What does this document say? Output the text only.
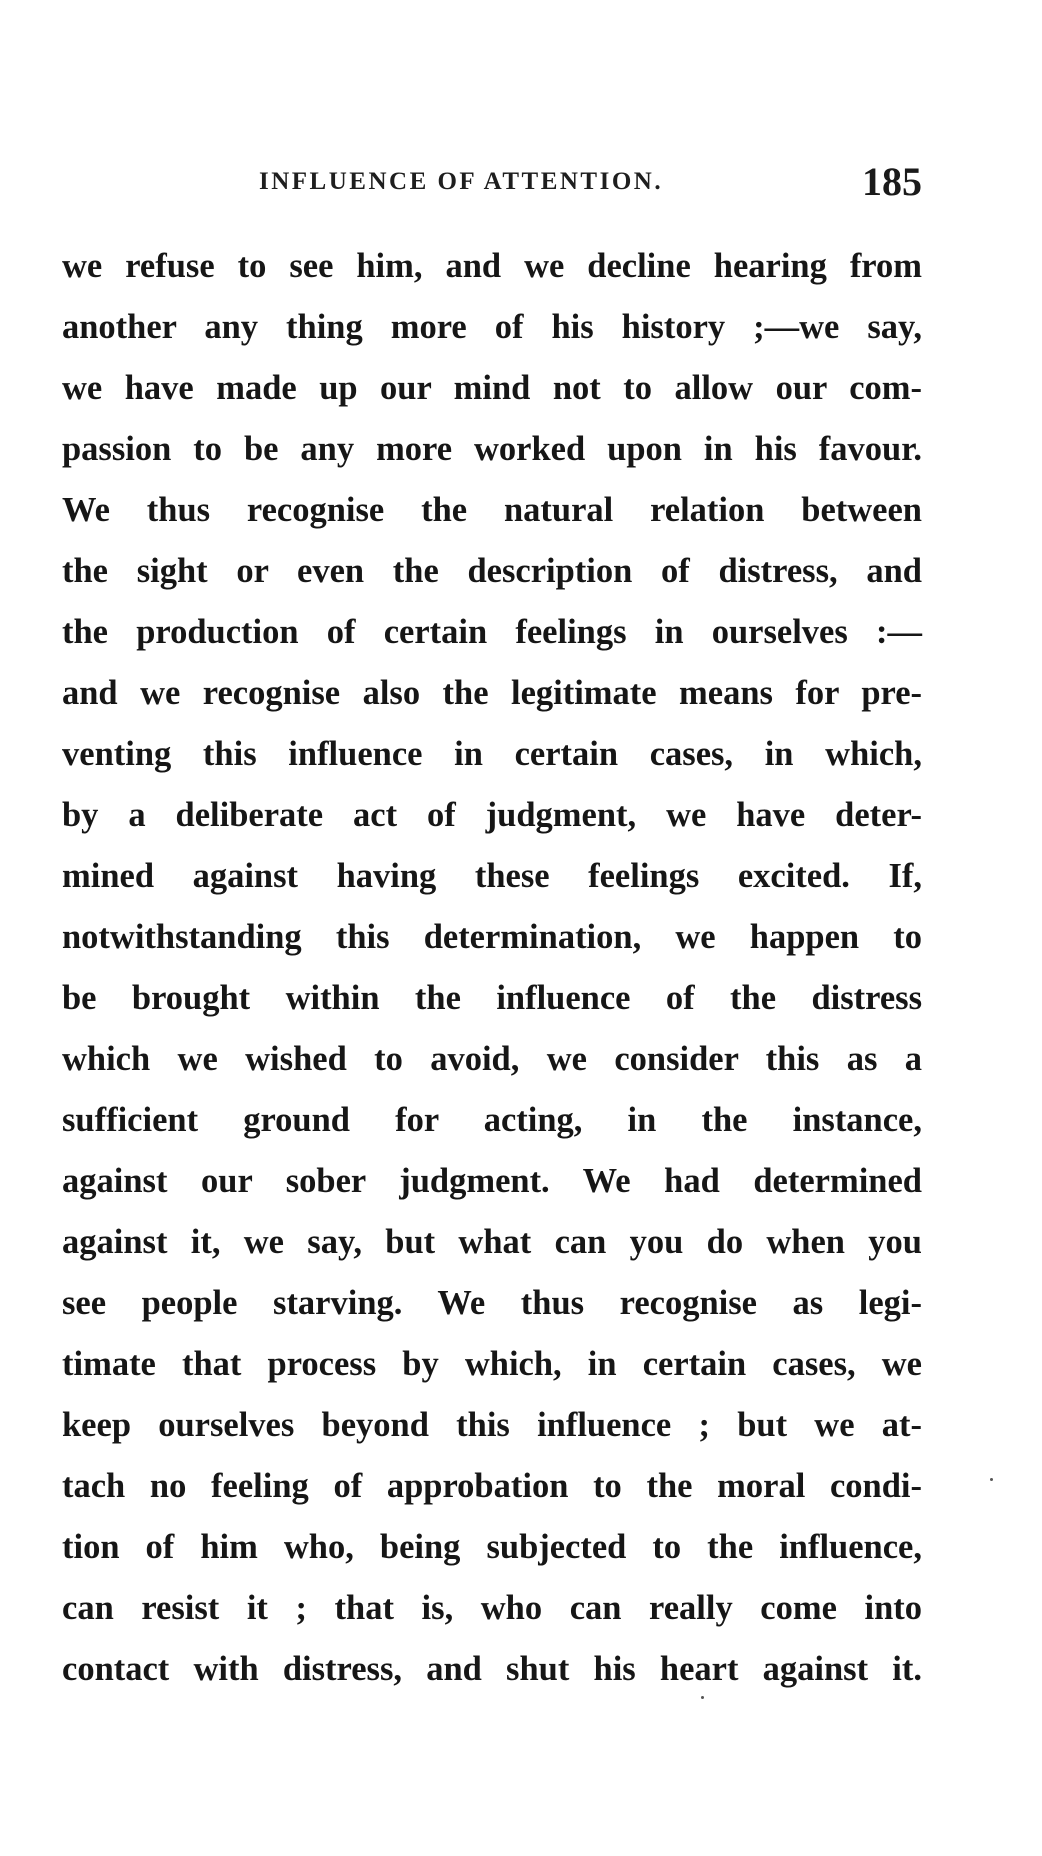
INFLUENCE OF ATTENTION.	185
we refuse to see him, and we decline hearing from
another any thing more of his history ;—we say,
we have made up our mind not to allow our com-
passion to be any more worked upon in his favour.
We thus recognise the natural relation between
the sight or even the description of distress, and
the production of certain feelings in ourselves :—
and we recognise also the legitimate means for pre-
venting this influence in certain cases, in which,
by a deliberate act of judgment, we have deter-
mined against having these feelings excited. If,
notwithstanding this determination, we happen to
be brought within the influence of the distress
which we wished to avoid, we consider this as a
sufficient ground for acting, in the instance,
against our sober judgment. We had determined
against it, we say, but what can you do when you
see people starving. We thus recognise as legi-
timate that process by which, in certain cases, we
keep ourselves beyond this influence ; but we at-
tach no feeling of approbation to the moral condi-
tion of him who, being subjected to the influence,
can resist it ; that is, who can really come into
contact with distress, and shut his heart against it.
